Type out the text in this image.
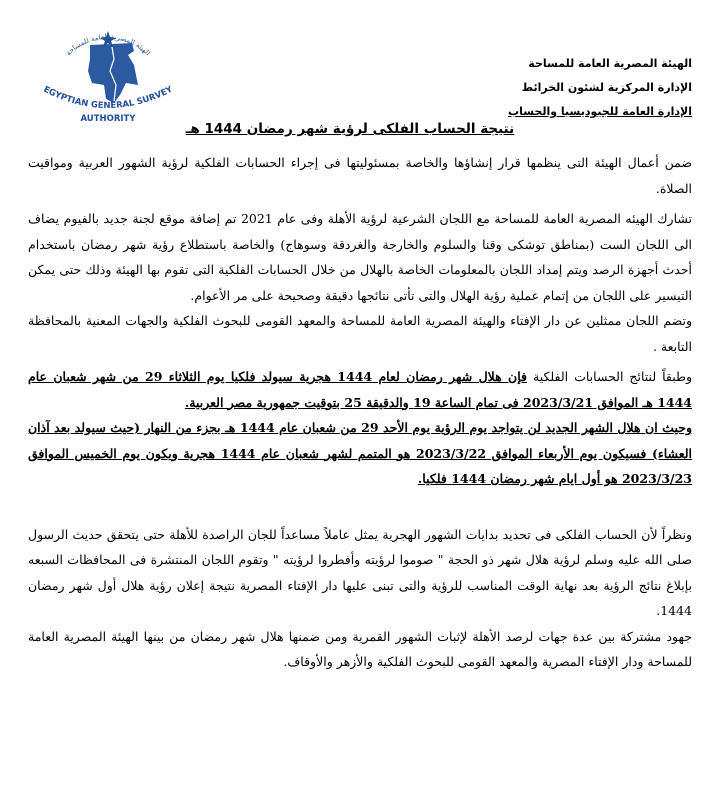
الهيئة المصرية العامة للمساحة
EGYPTIAN GENERAL SURVEY
AUTHORITY
الهيئة المصرية العامة للمساحة
الإدارة المركزية لشئون الخرائط
الإدارة العامة للجيوديسيا والحساب
نتيجة الحساب الفلكى لرؤية شهر رمضان 1444 هـ

ضمن أعمال الهيئة التى ينظمها قرار إنشاؤها والخاصة بمسئوليتها فى إجراء الحسابات الفلكية لرؤية الشهور العربية ومواقيت الصلاة.

تشارك الهيئه المصرية العامة للمساحة مع اللجان الشرعية لرؤية الأهلة وفى عام 2021 تم إضافة موقع لجنة جديد بالفيوم يضاف الى اللجان الست (بمناطق توشكى وقنا والسلوم والخارجة والغردقة وسوهاج) والخاصة باستطلاع رؤية شهر رمضان باستخدام أحدث أجهزة الرصد ويتم إمداد اللجان بالمعلومات الخاصة بالهلال من خلال الحسابات الفلكية التى تقوم بها الهيئة وذلك حتى يمكن التيسير على اللجان من إتمام عملية رؤية الهلال والتى تأتى نتائجها دقيقة وصحيحة على مر الأعوام.

وتضم اللجان ممثلين عن دار الإفتاء والهيئة المصرية العامة للمساحة والمعهد القومى للبحوث الفلكية والجهات المعنية بالمحافظة التابعة .

وطبقاً لنتائج الحسابات الفلكية فإن هلال شهر رمضان لعام 1444 هجرية سيولد فلكيا يوم الثلاثاء 29 من شهر شعبان عام 1444 هـ الموافق 2023/3/21 فى تمام الساعة 19 والدقيقة 25 بتوقيت جمهورية مصر العربية.

وحيث ان هلال الشهر الجديد لن يتواجد يوم الرؤية يوم الأحد 29 من شعبان عام 1444 هـ بجزء من النهار (حيث سيولد بعد آذان العشاء) فسيكون يوم الأربعاء الموافق 2023/3/22 هو المتمم لشهر شعبان عام 1444 هجرية ويكون يوم الخميس الموافق 2023/3/23 هو أول ايام شهر رمضان 1444 فلكيا.

ونظراً لأن الحساب الفلكى فى تحديد بدايات الشهور الهجرية يمثل عاملاً مساعداً للجان الراصدة للأهلة حتى يتحقق حديث الرسول صلى الله عليه وسلم لرؤية هلال شهر ذو الحجة " صوموا لرؤيته وأفطروا لرؤيته " وتقوم اللجان المنتشرة فى المحافظات السبعه بإبلاغ نتائج الرؤية بعد نهاية الوقت المناسب للرؤية والتى تبنى عليها دار الإفتاء المصرية نتيجة إعلان رؤية هلال أول شهر رمضان 1444.

جهود مشتركة بين عدة جهات لرصد الأهلة لإثبات الشهور القمرية ومن ضمنها هلال شهر رمضان من بينها الهيئة المصرية العامة للمساحة ودار الإفتاء المصرية والمعهد القومى للبحوث الفلكية والأزهر والأوقاف.
